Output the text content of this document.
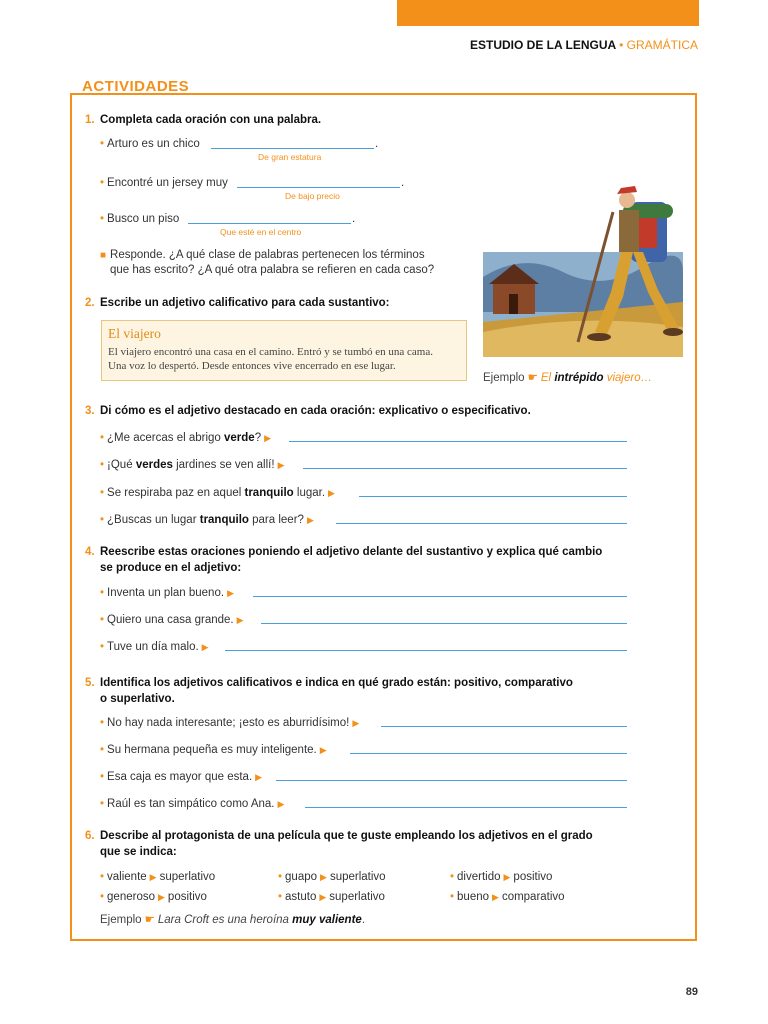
ESTUDIO DE LA LENGUA • GRAMÁTICA
ACTIVIDADES
1. Completa cada oración con una palabra.
• Arturo es un chico	.
De gran estatura
• Encontré un jersey muy	.
De bajo precio
• Busco un piso	.
Que esté en el centro
■ Responde. ¿A qué clase de palabras pertenecen los términos
que has escrito? ¿A qué otra palabra se refieren en cada caso?
2. Escribe un adjetivo calificativo para cada sustantivo:
El viajero
El viajero encontró una casa en el camino. Entró y se tumbó en una cama.
Una voz lo despertó. Desde entonces vive encerrado en ese lugar.
Ejemplo ☛ El intrépido viajero…
3. Di cómo es el adjetivo destacado en cada oración: explicativo o especificativo.
• ¿Me acercas el abrigo verde? ▶
• ¡Qué verdes jardines se ven allí! ▶
• Se respiraba paz en aquel tranquilo lugar. ▶
• ¿Buscas un lugar tranquilo para leer? ▶
4. Reescribe estas oraciones poniendo el adjetivo delante del sustantivo y explica qué cambio
se produce en el adjetivo:
• Inventa un plan bueno. ▶
• Quiero una casa grande. ▶
• Tuve un día malo. ▶
5. Identifica los adjetivos calificativos e indica en qué grado están: positivo, comparativo
o superlativo.
• No hay nada interesante; ¡esto es aburridísimo! ▶
• Su hermana pequeña es muy inteligente. ▶
• Esa caja es mayor que esta. ▶
• Raúl es tan simpático como Ana. ▶
6. Describe al protagonista de una película que te guste empleando los adjetivos en el grado
que se indica:
• valiente ▶ superlativo	• guapo ▶ superlativo	• divertido ▶ positivo
• generoso ▶ positivo	• astuto ▶ superlativo	• bueno ▶ comparativo
Ejemplo ☛ Lara Croft es una heroína muy valiente.
89
